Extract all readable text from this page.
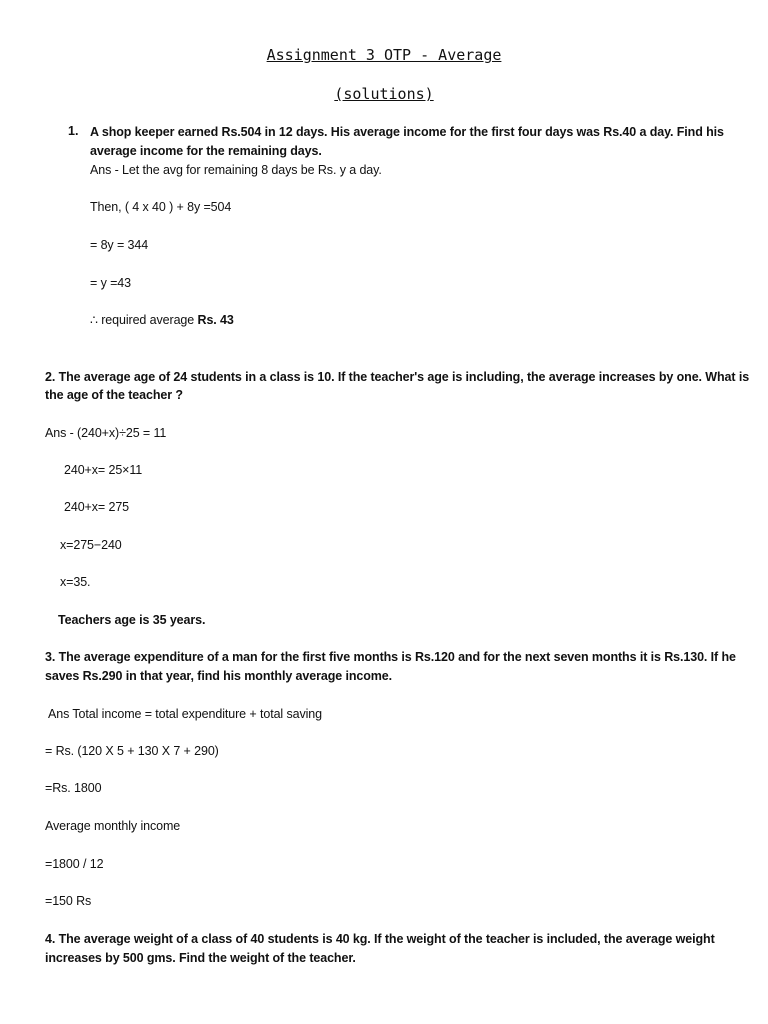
Assignment 3 OTP - Average
(solutions)
1. A shop keeper earned Rs.504 in 12 days. His average income for the first four days was Rs.40 a day. Find his
average income for the remaining days.
Ans - Let the avg for remaining 8 days be Rs. y a day.
Then, ( 4 x 40 ) + 8y =504
= 8y = 344
= y =43
∴ required average Rs. 43
2. The average age of 24 students in a class is 10. If the teacher's age is including, the average increases by one. What is
the age of the teacher ?
Ans - (240+x)÷25 = 11
240+x= 25×11
240+x= 275
x=275−240
x=35.
Teachers age is 35 years.
3. The average expenditure of a man for the first five months is Rs.120 and for the next seven months it is Rs.130. If he
saves Rs.290 in that year, find his monthly average income.
Ans Total income = total expenditure + total saving
= Rs. (120 X 5 + 130 X 7 + 290)
=Rs. 1800
Average monthly income
=1800 / 12
=150 Rs
4. The average weight of a class of 40 students is 40 kg. If the weight of the teacher is included, the average weight
increases by 500 gms. Find the weight of the teacher.
